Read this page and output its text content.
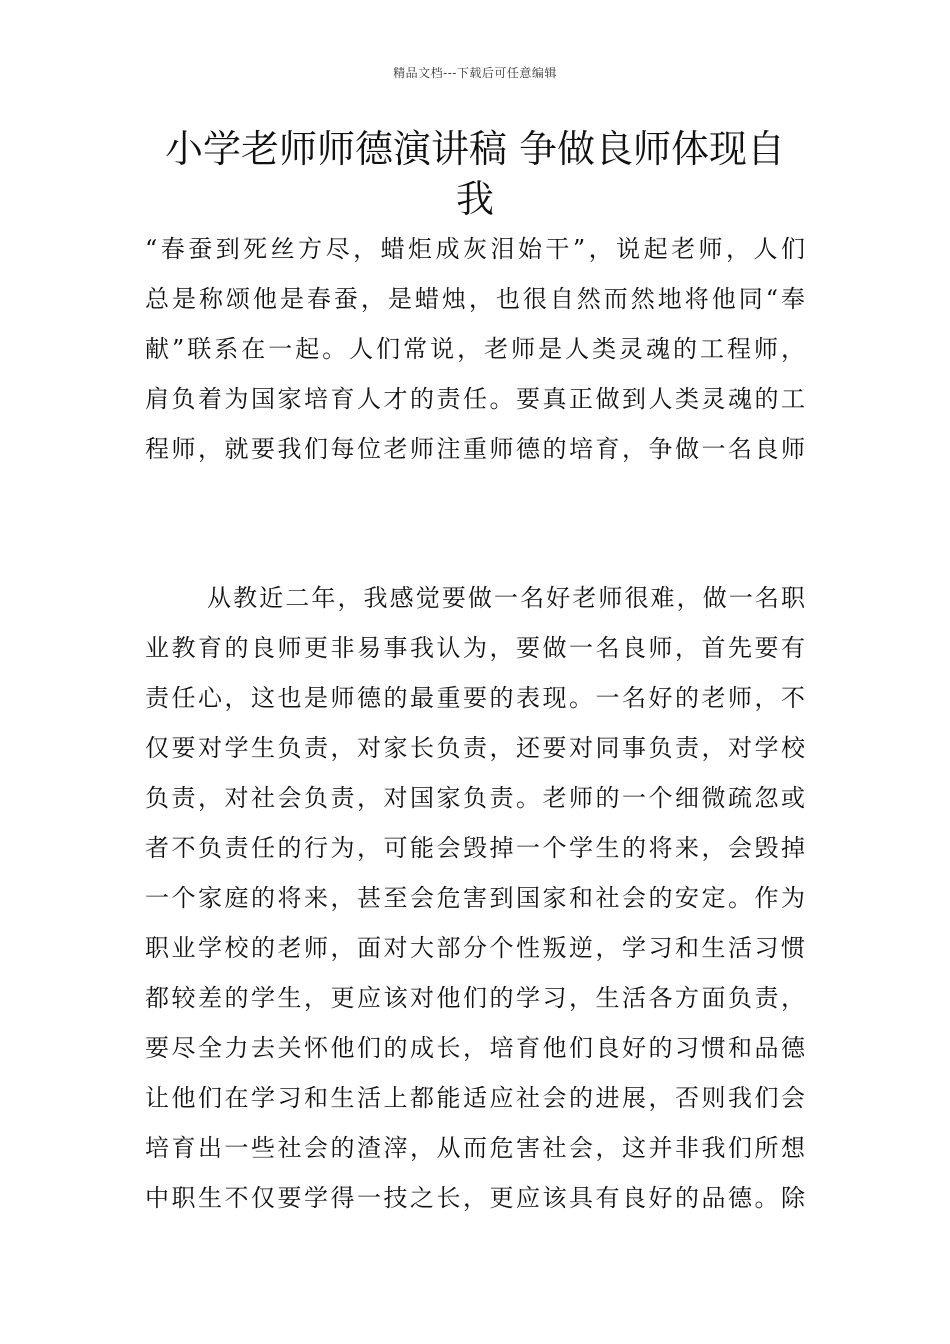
精品文档---下载后可任意编辑
小学老师师德演讲稿 争做良师体现自
我
“春蚕到死丝方尽，蜡炬成灰泪始干”，说起老师，人们
总是称颂他是春蚕，是蜡烛，也很自然而然地将他同“奉
献”联系在一起。人们常说，老师是人类灵魂的工程师，
肩负着为国家培育人才的责任。要真正做到人类灵魂的工
程师，就要我们每位老师注重师德的培育，争做一名良师
从教近二年，我感觉要做一名好老师很难，做一名职
业教育的良师更非易事我认为，要做一名良师，首先要有
责任心，这也是师德的最重要的表现。一名好的老师，不
仅要对学生负责，对家长负责，还要对同事负责，对学校
负责，对社会负责，对国家负责。老师的一个细微疏忽或
者不负责任的行为，可能会毁掉一个学生的将来，会毁掉
一个家庭的将来，甚至会危害到国家和社会的安定。作为
职业学校的老师，面对大部分个性叛逆，学习和生活习惯
都较差的学生，更应该对他们的学习，生活各方面负责，
要尽全力去关怀他们的成长，培育他们良好的习惯和品德
让他们在学习和生活上都能适应社会的进展，否则我们会
培育出一些社会的渣滓，从而危害社会，这并非我们所想
中职生不仅要学得一技之长，更应该具有良好的品德。除
